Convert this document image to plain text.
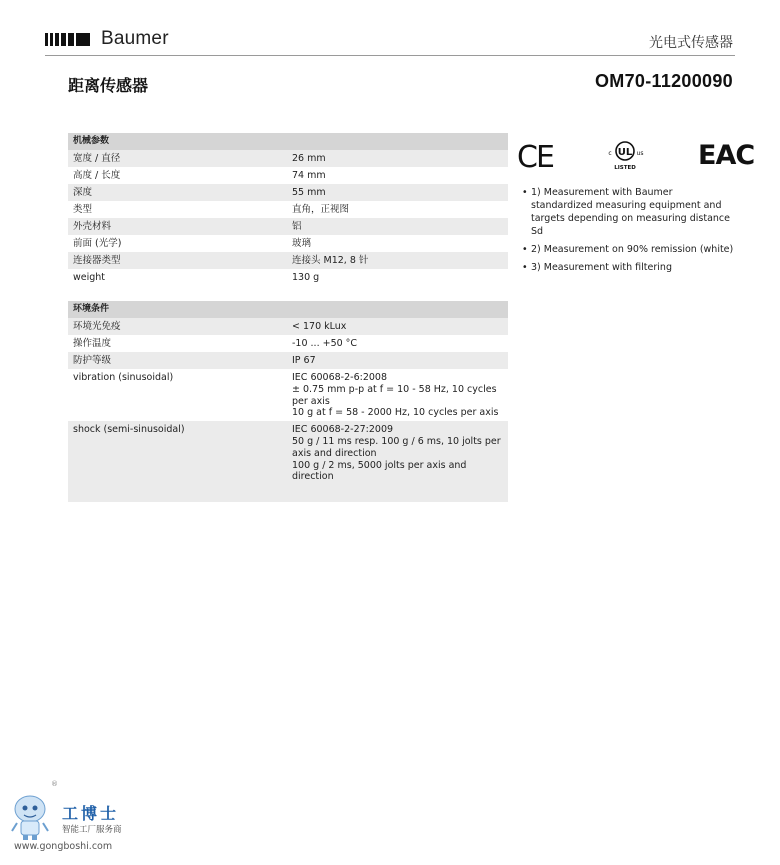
Baumer	光电式传感器
距离传感器	OM70-11200090
机械参数
宽度 / 直径	26 mm
高度 / 长度	74 mm
深度	55 mm
类型	直角，正视图
外壳材料	铝
前面 (光学)	玻璃
连接器类型	连接头 M12, 8 针
weight	130 g
环境条件
环境光免疫	< 170 kLux
操作温度	-10 ... +50 °C
防护等级	IP 67
vibration (sinusoidal)	IEC 60068-2-6:2008
± 0.75 mm p-p at f = 10 - 58 Hz, 10 cycles
per axis
10 g at f = 58 - 2000 Hz, 10 cycles per axis
shock (semi-sinusoidal)	IEC 60068-2-27:2009
50 g / 11 ms resp. 100 g / 6 ms, 10 jolts per
axis and direction
100 g / 2 ms, 5000 jolts per axis and
direction
CE	UL
c	us
LISTED EAC
• 1) Measurement with Baumer standardized measuring equipment and targets depending on measuring distance Sd
• 2) Measurement on 90% remission (white)
• 3) Measurement with filtering
®
工博士
智能工厂服务商
www.gongboshi.com
